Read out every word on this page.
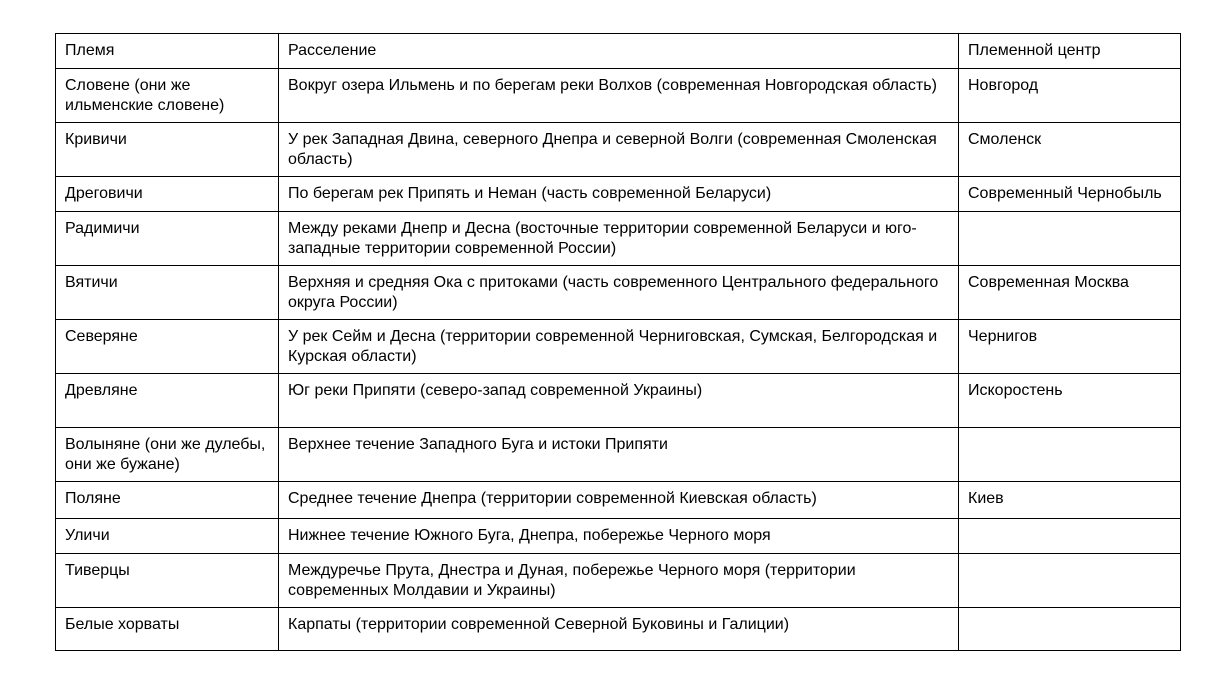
Племя	Расселение	Племенной центр
Словене (они же ильменские словене)	Вокруг озера Ильмень и по берегам реки Волхов (современная Новгородская область)	Новгород
Кривичи	У рек Западная Двина, северного Днепра и северной Волги (современная Смоленская область)	Смоленск
Дреговичи	По берегам рек Припять и Неман (часть современной Беларуси)	Современный Чернобыль
Радимичи	Между реками Днепр и Десна (восточные территории современной Беларуси и юго-западные территории современной России)	
Вятичи	Верхняя и средняя Ока с притоками (часть современного Центрального федерального округа России)	Современная Москва
Северяне	У рек Сейм и Десна (территории современной Черниговская, Сумская, Белгородская и Курская области)	Чернигов
Древляне	Юг реки Припяти (северо-запад современной Украины)	Искоростень
Волыняне (они же дулебы, они же бужане)	Верхнее течение Западного Буга и истоки Припяти	
Поляне	Среднее течение Днепра (территории современной Киевская область)	Киев
Уличи	Нижнее течение Южного Буга, Днепра, побережье Черного моря	
Тиверцы	Междуречье Прута, Днестра и Дуная, побережье Черного моря (территории современных Молдавии и Украины)	
Белые хорваты	Карпаты (территории современной Северной Буковины и Галиции)	
